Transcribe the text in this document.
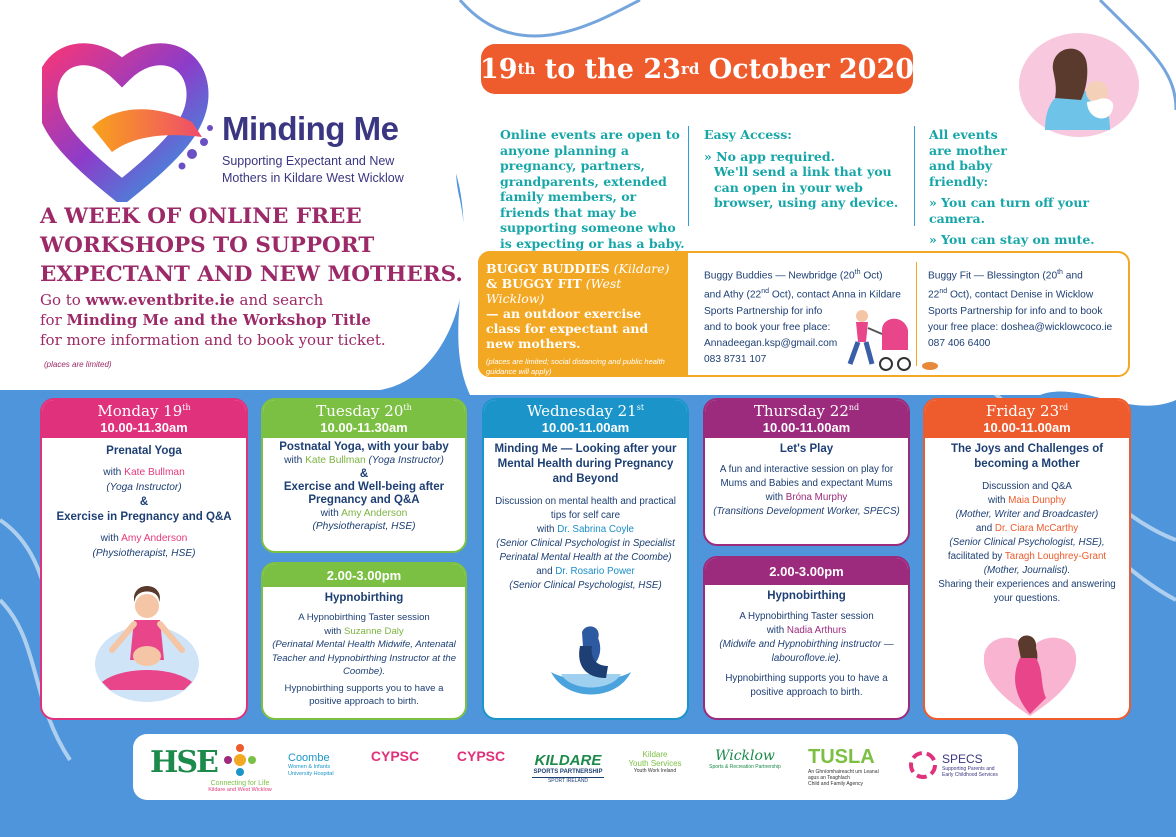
Minding Me
Supporting Expectant and New
Mothers in Kildare West Wicklow
A WEEK OF ONLINE FREE
WORKSHOPS TO SUPPORT
EXPECTANT AND NEW MOTHERS.
Go to www.eventbrite.ie and search
for Minding Me and the Workshop Title
for more information and to book your ticket.
(places are limited)
19 th to the 23 rd October 2020
Online events are open to anyone planning a pregnancy, partners, grandparents, extended family members, or friends that may be supporting someone who is expecting or has a baby.

Easy Access:

» No app required.

We'll send a link that you can open in your web browser, using any device.

All events are mother and baby friendly:

» You can turn off your camera.

» You can stay on mute.

BUGGY BUDDIES (Kildare)
& BUGGY FIT (West Wicklow)
— an outdoor exercise class for expectant and new mothers.
(places are limited; social distancing and public health guidance will apply)
Buggy Buddies — Newbridge (20th Oct)
and Athy (22nd Oct), contact Anna in Kildare
Sports Partnership for info
and to book your free place:
Annadeegan.ksp@gmail.com
083 8731 107
Buggy Fit — Blessington (20th and
22nd Oct), contact Denise in Wicklow
Sports Partnership for info and to book
your free place: doshea@wicklowcoco.ie
087 406 6400
Monday 19th
10.00-11.30am
Prenatal Yoga
with Kate Bullman
(Yoga Instructor)
&
Exercise in Pregnancy and Q&A
with Amy Anderson
(Physiotherapist, HSE)
Tuesday 20th
10.00-11.30am
Postnatal Yoga, with your baby
with Kate Bullman (Yoga Instructor)
&
Exercise and Well-being after Pregnancy and Q&A
with Amy Anderson
(Physiotherapist, HSE)
2.00-3.00pm
Hypnobirthing
A Hypnobirthing Taster session
with Suzanne Daly
(Perinatal Mental Health Midwife, Antenatal Teacher and Hypnobirthing Instructor at the Coombe).
Hypnobirthing supports you to have a positive approach to birth.
Wednesday 21st
10.00-11.00am
Minding Me — Looking after your Mental Health during Pregnancy and Beyond
Discussion on mental health and practical tips for self care
with Dr. Sabrina Coyle
(Senior Clinical Psychologist in Specialist Perinatal Mental Health at the Coombe)
and Dr. Rosario Power
(Senior Clinical Psychologist, HSE)
Thursday 22nd
10.00-11.00am
Let's Play
A fun and interactive session on play for Mums and Babies and expectant Mums with Bróna Murphy
(Transitions Development Worker, SPECS)
2.00-3.00pm
Hypnobirthing
A Hypnobirthing Taster session
with Nadia Arthurs
(Midwife and Hypnobirthing instructor — labouroflove.ie).
Hypnobirthing supports you to have a positive approach to birth.
Friday 23rd
10.00-11.00am
The Joys and Challenges of becoming a Mother
Discussion and Q&A
with Maia Dunphy
(Mother, Writer and Broadcaster)
and Dr. Ciara McCarthy
(Senior Clinical Psychologist, HSE),
facilitated by Taragh Loughrey-Grant
(Mother, Journalist).
Sharing their experiences and answering your questions.
HSE
Connecting for Life
Kildare and West Wicklow
Coombe
Women & Infants University Hospital
CYPSC	CYPSC	KILDARE
SPORTS PARTNERSHIP
SPORT IRELAND
Kildare
Youth Services
Youth Work Ireland
Wicklow
Sports & Recreation Partnership	TUSLA
An Ghníomhaireacht um Leanaí agus an Teaghlach
Child and Family Agency
SPECS
Supporting Parents and Early Childhood Services
